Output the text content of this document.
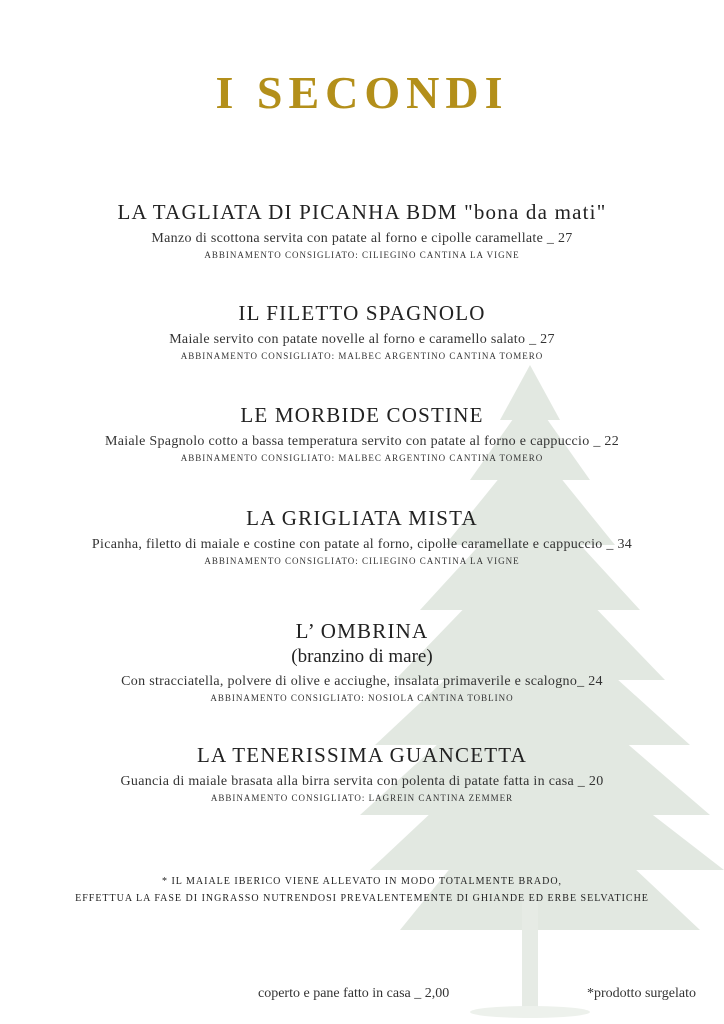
I SECONDI
LA TAGLIATA DI PICANHA BDM "bona da mati"
Manzo di scottona servita con patate al forno e cipolle caramellate _ 27
ABBINAMENTO CONSIGLIATO: CILIEGINO CANTINA LA VIGNE
IL FILETTO SPAGNOLO
Maiale servito con patate novelle al forno e caramello salato _ 27
ABBINAMENTO CONSIGLIATO: MALBEC ARGENTINO CANTINA TOMERO
LE MORBIDE COSTINE
Maiale Spagnolo cotto a bassa temperatura servito con patate al forno e cappuccio _ 22
ABBINAMENTO CONSIGLIATO: MALBEC ARGENTINO CANTINA TOMERO
LA GRIGLIATA MISTA
Picanha, filetto di maiale e costine con patate al forno, cipolle caramellate e cappuccio _ 34
ABBINAMENTO CONSIGLIATO: CILIEGINO CANTINA LA VIGNE
L’ OMBRINA
(branzino di mare)
Con stracciatella, polvere di olive e acciughe, insalata primaverile e scalogno_ 24
ABBINAMENTO CONSIGLIATO: NOSIOLA CANTINA TOBLINO
LA TENERISSIMA GUANCETTA
Guancia di maiale brasata alla birra servita con polenta di patate fatta in casa _ 20
ABBINAMENTO CONSIGLIATO: LAGREIN CANTINA ZEMMER
* IL MAIALE IBERICO VIENE ALLEVATO IN MODO TOTALMENTE BRADO,
EFFETTUA LA FASE DI INGRASSO NUTRENDOSI PREVALENTEMENTE DI GHIANDE ED ERBE SELVATICHE
coperto e pane fatto in casa _ 2,00	*prodotto surgelato
